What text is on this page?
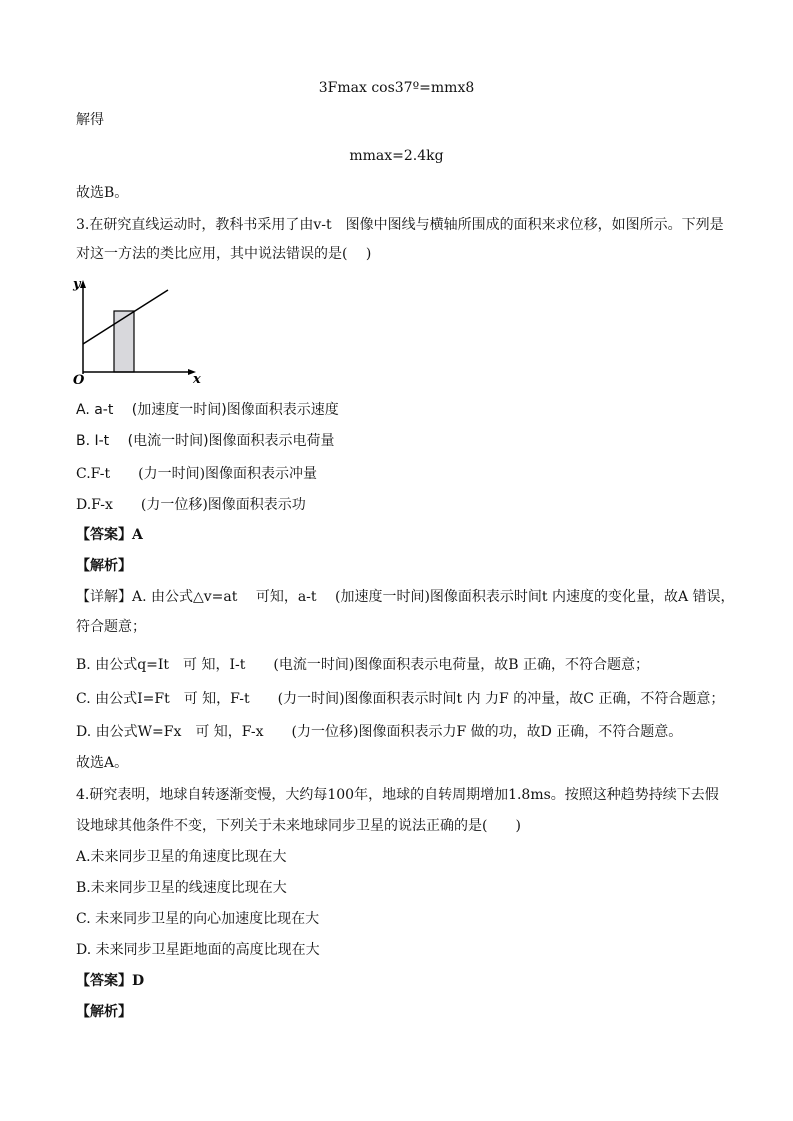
3Fmax cos37º=mmx8
解得
mmax=2.4kg
故选B。
3.在研究直线运动时，教科书采用了由v-t　图像中图线与横轴所围成的面积来求位移，如图所示。下列是
对这一方法的类比应用，其中说法错误的是(　 )
y
x
O
A. a-t　 (加速度一时间)图像面积表示速度
B. I-t　 (电流一时间)图像面积表示电荷量
C.F-t　　(力一时间)图像面积表示冲量
D.F-x　　(力一位移)图像面积表示功
【答案】A
【解析】
【详解】A. 由公式△v=at　 可知，a-t　 (加速度一时间)图像面积表示时间t 内速度的变化量，故A 错误，
符合题意；
B. 由公式q=It　可 知，I-t　　(电流一时间)图像面积表示电荷量，故B 正确，不符合题意；
C. 由公式I=Ft　可 知，F-t　　(力一时间)图像面积表示时间t 内 力F 的冲量，故C 正确，不符合题意；
D. 由公式W=Fx　可 知，F-x　　(力一位移)图像面积表示力F 做的功，故D 正确，不符合题意。
故选A。
4.研究表明，地球自转逐渐变慢，大约每100年，地球的自转周期增加1.8ms。按照这种趋势持续下去假
设地球其他条件不变，下列关于未来地球同步卫星的说法正确的是(　　)
A.未来同步卫星的角速度比现在大
B.未来同步卫星的线速度比现在大
C. 未来同步卫星的向心加速度比现在大
D. 未来同步卫星距地面的高度比现在大
【答案】D
【解析】
